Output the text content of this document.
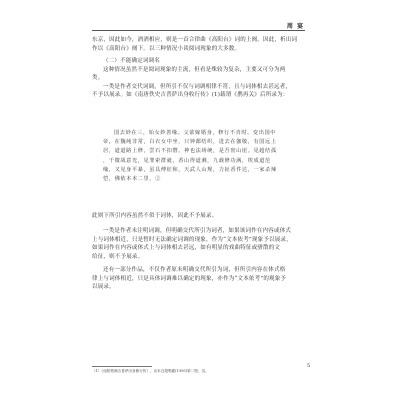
周 宴

东京，因此如今，酒酒相应，则是一首合律曲《高阳台》词的上阕。因此，析出词

作以《高阳台》阕下。以三种情况小谈阅词现象的大多数。

（二）不能确定词调名

这种情况虽然不是阅词现象的主流，但看是殊较为复杂，主要又可分为两

类。

一类是作者交代词调，但所引不仅与词调相律不符，且与词体相去甚远者，

不予以展录。如《南唐佚史吉普萨出身收行传》(1)载谓《鹊再关》后所录为：

国去妙在三，始女妙善缘。父欲嫁婚身，修行不肯时。变出国中

帝，在魏纯非常，白衣女中坐，只钟都结织，进去在伽敬，有国远上

居，道道路上修，尝石不扣僭。神也法场统，是吾密山崖。见超结孤

，千微战意光，见罪索群就，香山得道测，九载修功满，埃成道范

缘，又见身平暴，虽具傅征和，天武人山规，力扯香件达，一家杀辣

恺，佛依本本二里，②

此则下所引内容虽然不似于词体，因此不予展录。

一类是作者未注明词调，但明确交代所引为词者，如果该词作在内容或体式

上与词体相近，只是暂时无法确定词调的现象，作为“文本依考”现象予以展录，

如果词作在内容或体式上与词体相去甚远，如有明显的戏曲特征或骈散的文

给征，则不予展录。

还有一部分作品，不仅作者原未明确交代所引为词，但所引内容在体式格

律上与词体相近，只是具体词调难以确定的现象，亦作为“文本依考”的观象予

以展录。

（1）《南阳敦佛吉普萨出身修行传》，出本仓超集藏(1995)第二册，页。
5
